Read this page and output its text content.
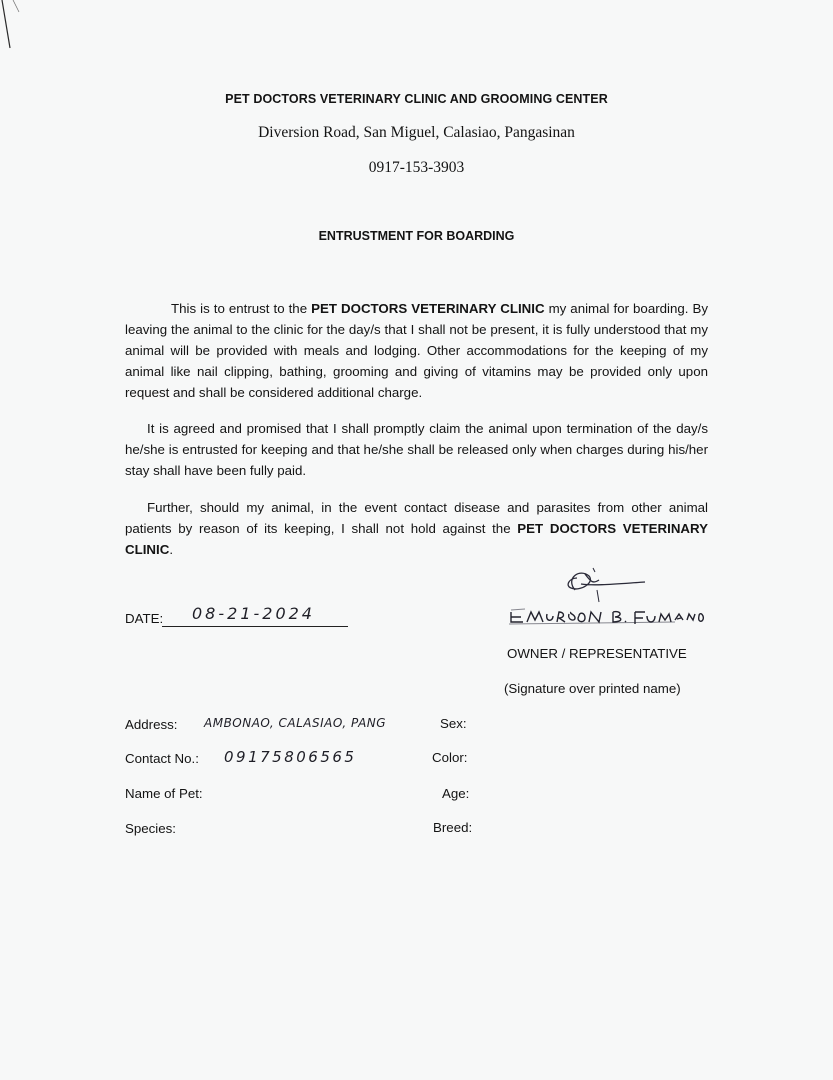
PET DOCTORS VETERINARY CLINIC AND GROOMING CENTER
Diversion Road, San Miguel, Calasiao, Pangasinan
0917-153-3903
ENTRUSTMENT FOR BOARDING

This is to entrust to the PET DOCTORS VETERINARY CLINIC my animal for boarding. By leaving the animal to the clinic for the day/s that I shall not be present, it is fully understood that my animal will be provided with meals and lodging. Other accommodations for the keeping of my animal like nail clipping, bathing, grooming and giving of vitamins may be provided only upon request and shall be considered additional charge.

It is agreed and promised that I shall promptly claim the animal upon termination of the day/s he/she is entrusted for keeping and that he/she shall be released only when charges during his/her stay shall have been fully paid.

Further, should my animal, in the event contact disease and parasites from other animal patients by reason of its keeping, I shall not hold against the PET DOCTORS VETERINARY CLINIC.

DATE: 08-21-2024
OWNER / REPRESENTATIVE
(Signature over printed name)
Address: AMBONAO, CALASIAO, PANG
Contact No.: 09175806565
Name of Pet:
Species:
Sex:
Color:
Age:
Breed:
